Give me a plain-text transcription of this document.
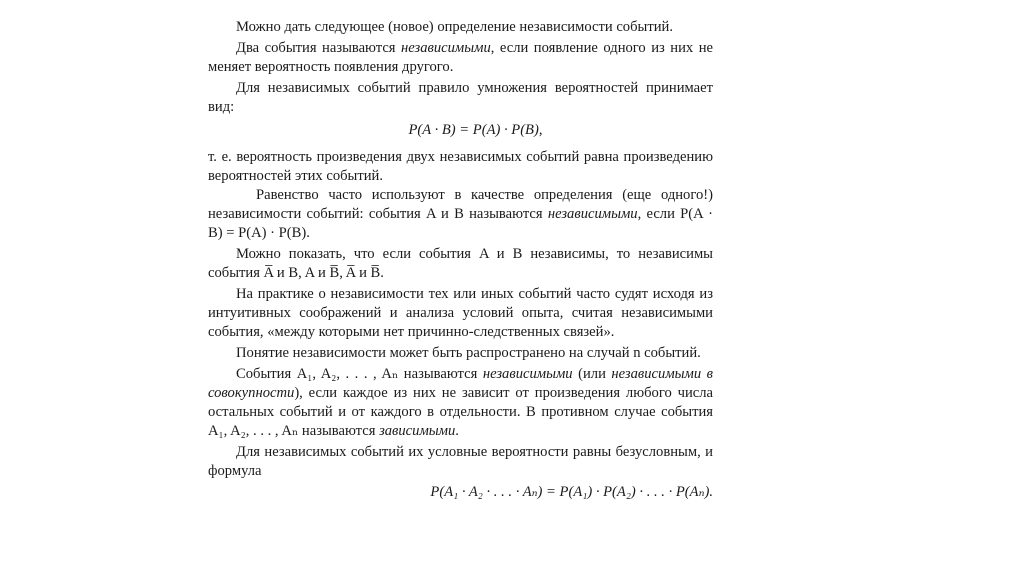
Можно дать следующее (новое) определение независимости событий.

Два события называются независимыми, если появление одного из них не меняет вероятность появления другого.

Для независимых событий правило умножения вероятностей принимает вид:

P(A · B) = P(A) · P(B),

т. е. вероятность произведения двух независимых событий равна произведению вероятностей этих событий.

Равенство часто используют в качестве определения (еще одного!) независимости событий: события A и B называются независимыми, если P(A · B) = P(A) · P(B).

Можно показать, что если события A и B независимы, то независимы события A̅ и B, A и B̅, A̅ и B̅.

На практике о независимости тех или иных событий часто судят исходя из интуитивных соображений и анализа условий опыта, считая независимыми события, «между которыми нет причинно-следственных связей».

Понятие независимости может быть распространено на случай n событий.

События A₁, A₂, . . . , Aₙ называются независимыми (или независимыми в совокупности), если каждое из них не зависит от произведения любого числа остальных событий и от каждого в отдельности. В противном случае события A₁, A₂, . . . , Aₙ называются зависимыми.

Для независимых событий их условные вероятности равны безусловным, и формула

P(A₁ · A₂ · . . . · Aₙ) = P(A₁) · P(A₂) · . . . · P(Aₙ).
